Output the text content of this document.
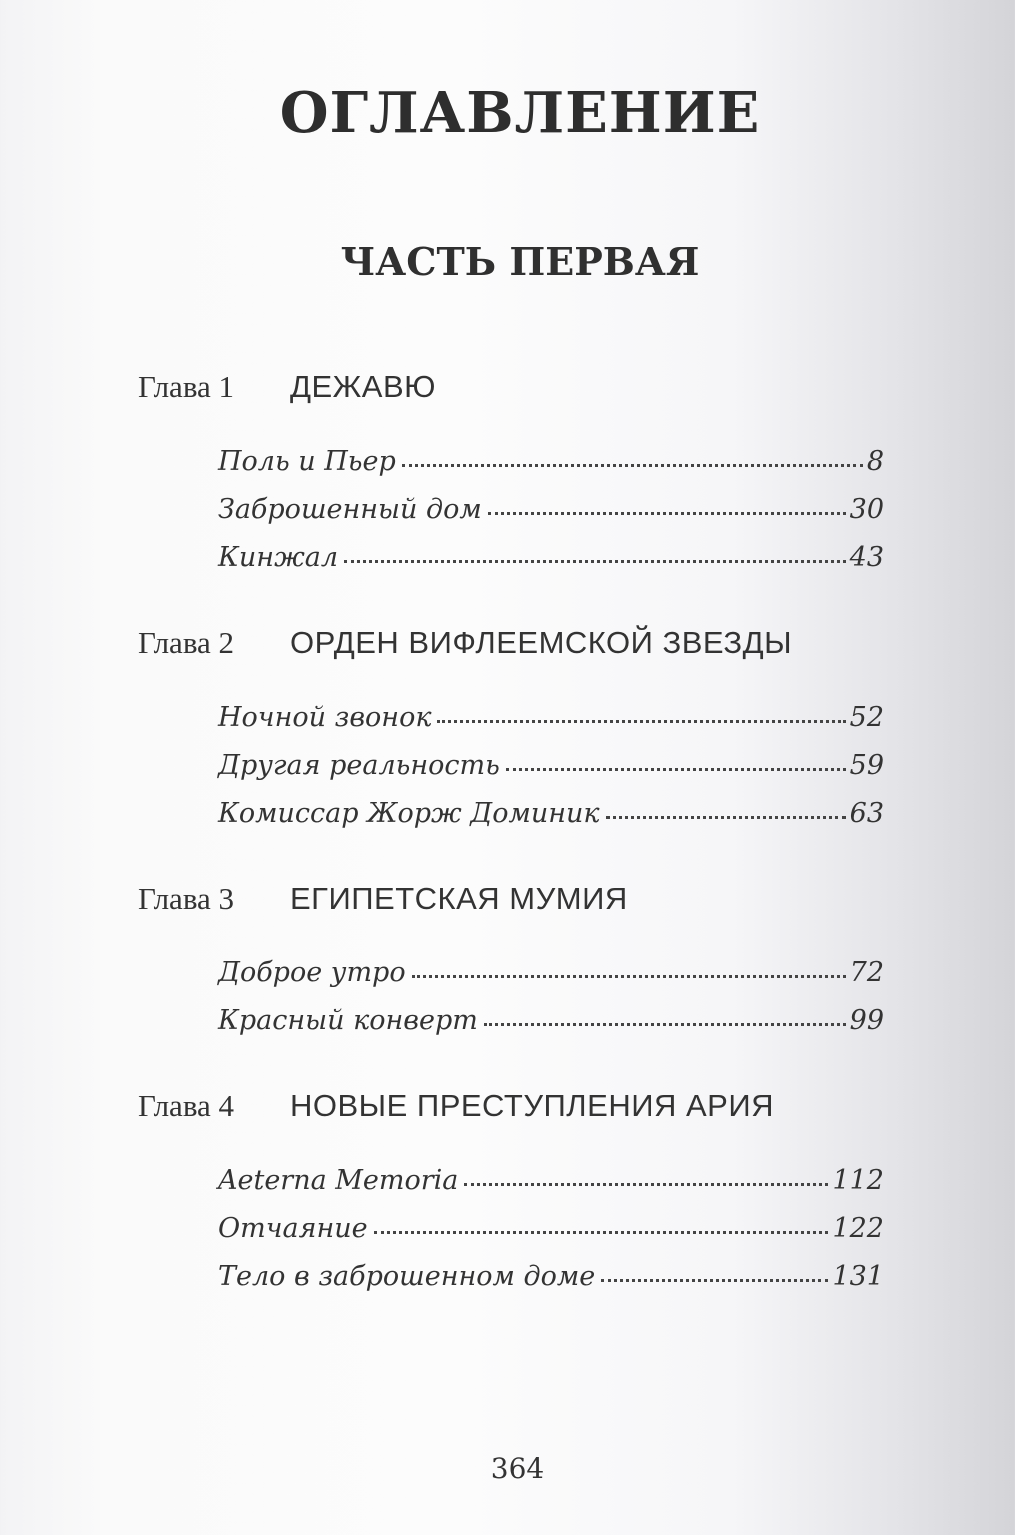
ОГЛАВЛЕНИЕ
ЧАСТЬ ПЕРВАЯ
Глава 1 ДЕЖАВЮ
Поль и Пьер	8
Заброшенный дом	30
Кинжал	43
Глава 2 ОРДЕН ВИФЛЕЕМСКОЙ ЗВЕЗДЫ
Ночной звонок	52
Другая реальность	59
Комиссар Жорж Доминик	63
Глава 3 ЕГИПЕТСКАЯ МУМИЯ
Доброе утро	72
Красный конверт	99
Глава 4 НОВЫЕ ПРЕСТУПЛЕНИЯ АРИЯ
Aeterna Memoria	112
Отчаяние	122
Тело в заброшенном доме	131
364
